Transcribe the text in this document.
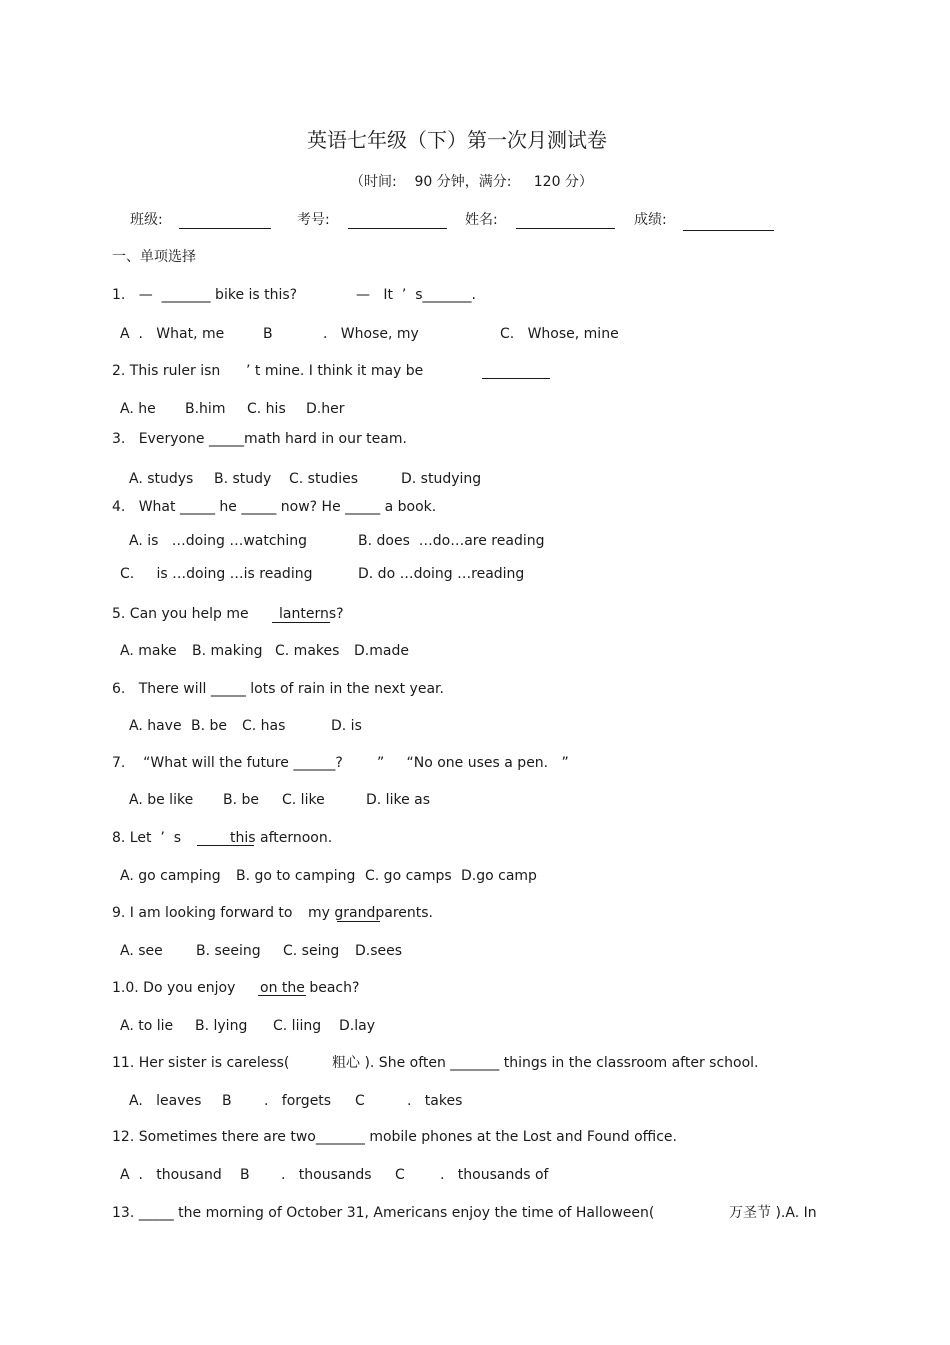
英语七年级（下）第一次月测试卷
（时间:    90 分钟，满分:     120 分）
班级:	考号:	姓名:	成绩:
一、单项选择
1.   —  _______ bike is this?	—   It  ’  s_______.
A  .   What, me	B	.   Whose, my	C.   Whose, mine
2. This ruler isn ’ t mine. I think it may be
A. he B.him C. his D.her
3.   Everyone _____math hard in our team.
A. studys B. study C. studies	D. studying
4.   What _____ he _____ now? He _____ a book.
A. is   …doing …watching	B. does  …do…are reading
C.     is …doing …is reading	D. do …doing …reading
5. Can you help me lanterns?
A. make B. making C. makes D.made
6.   There will _____ lots of rain in the next year.
A. have B. be C. has	D. is
7.    “What will the future ______? ”     “No one uses a pen.   ”
A. be like B. be C. like	D. like as
8. Let  ’  s	this afternoon.
A. go camping B. go to camping C. go camps D.go camp
9. I am looking forward to my grandparents.
A. see B. seeing C. seing D.sees
1.0. Do you enjoy on the beach?
A. to lie B. lying C. liing D.lay
11. Her sister is careless(	粗心 ). She often _______ things in the classroom after school.
A.   leaves B .   forgets C	.   takes
12. Sometimes there are two_______ mobile phones at the Lost and Found office.
A  .   thousand B .   thousands C	.   thousands of
13. _____ the morning of October 31, Americans enjoy the time of Halloween(	万圣节 ).A. In
